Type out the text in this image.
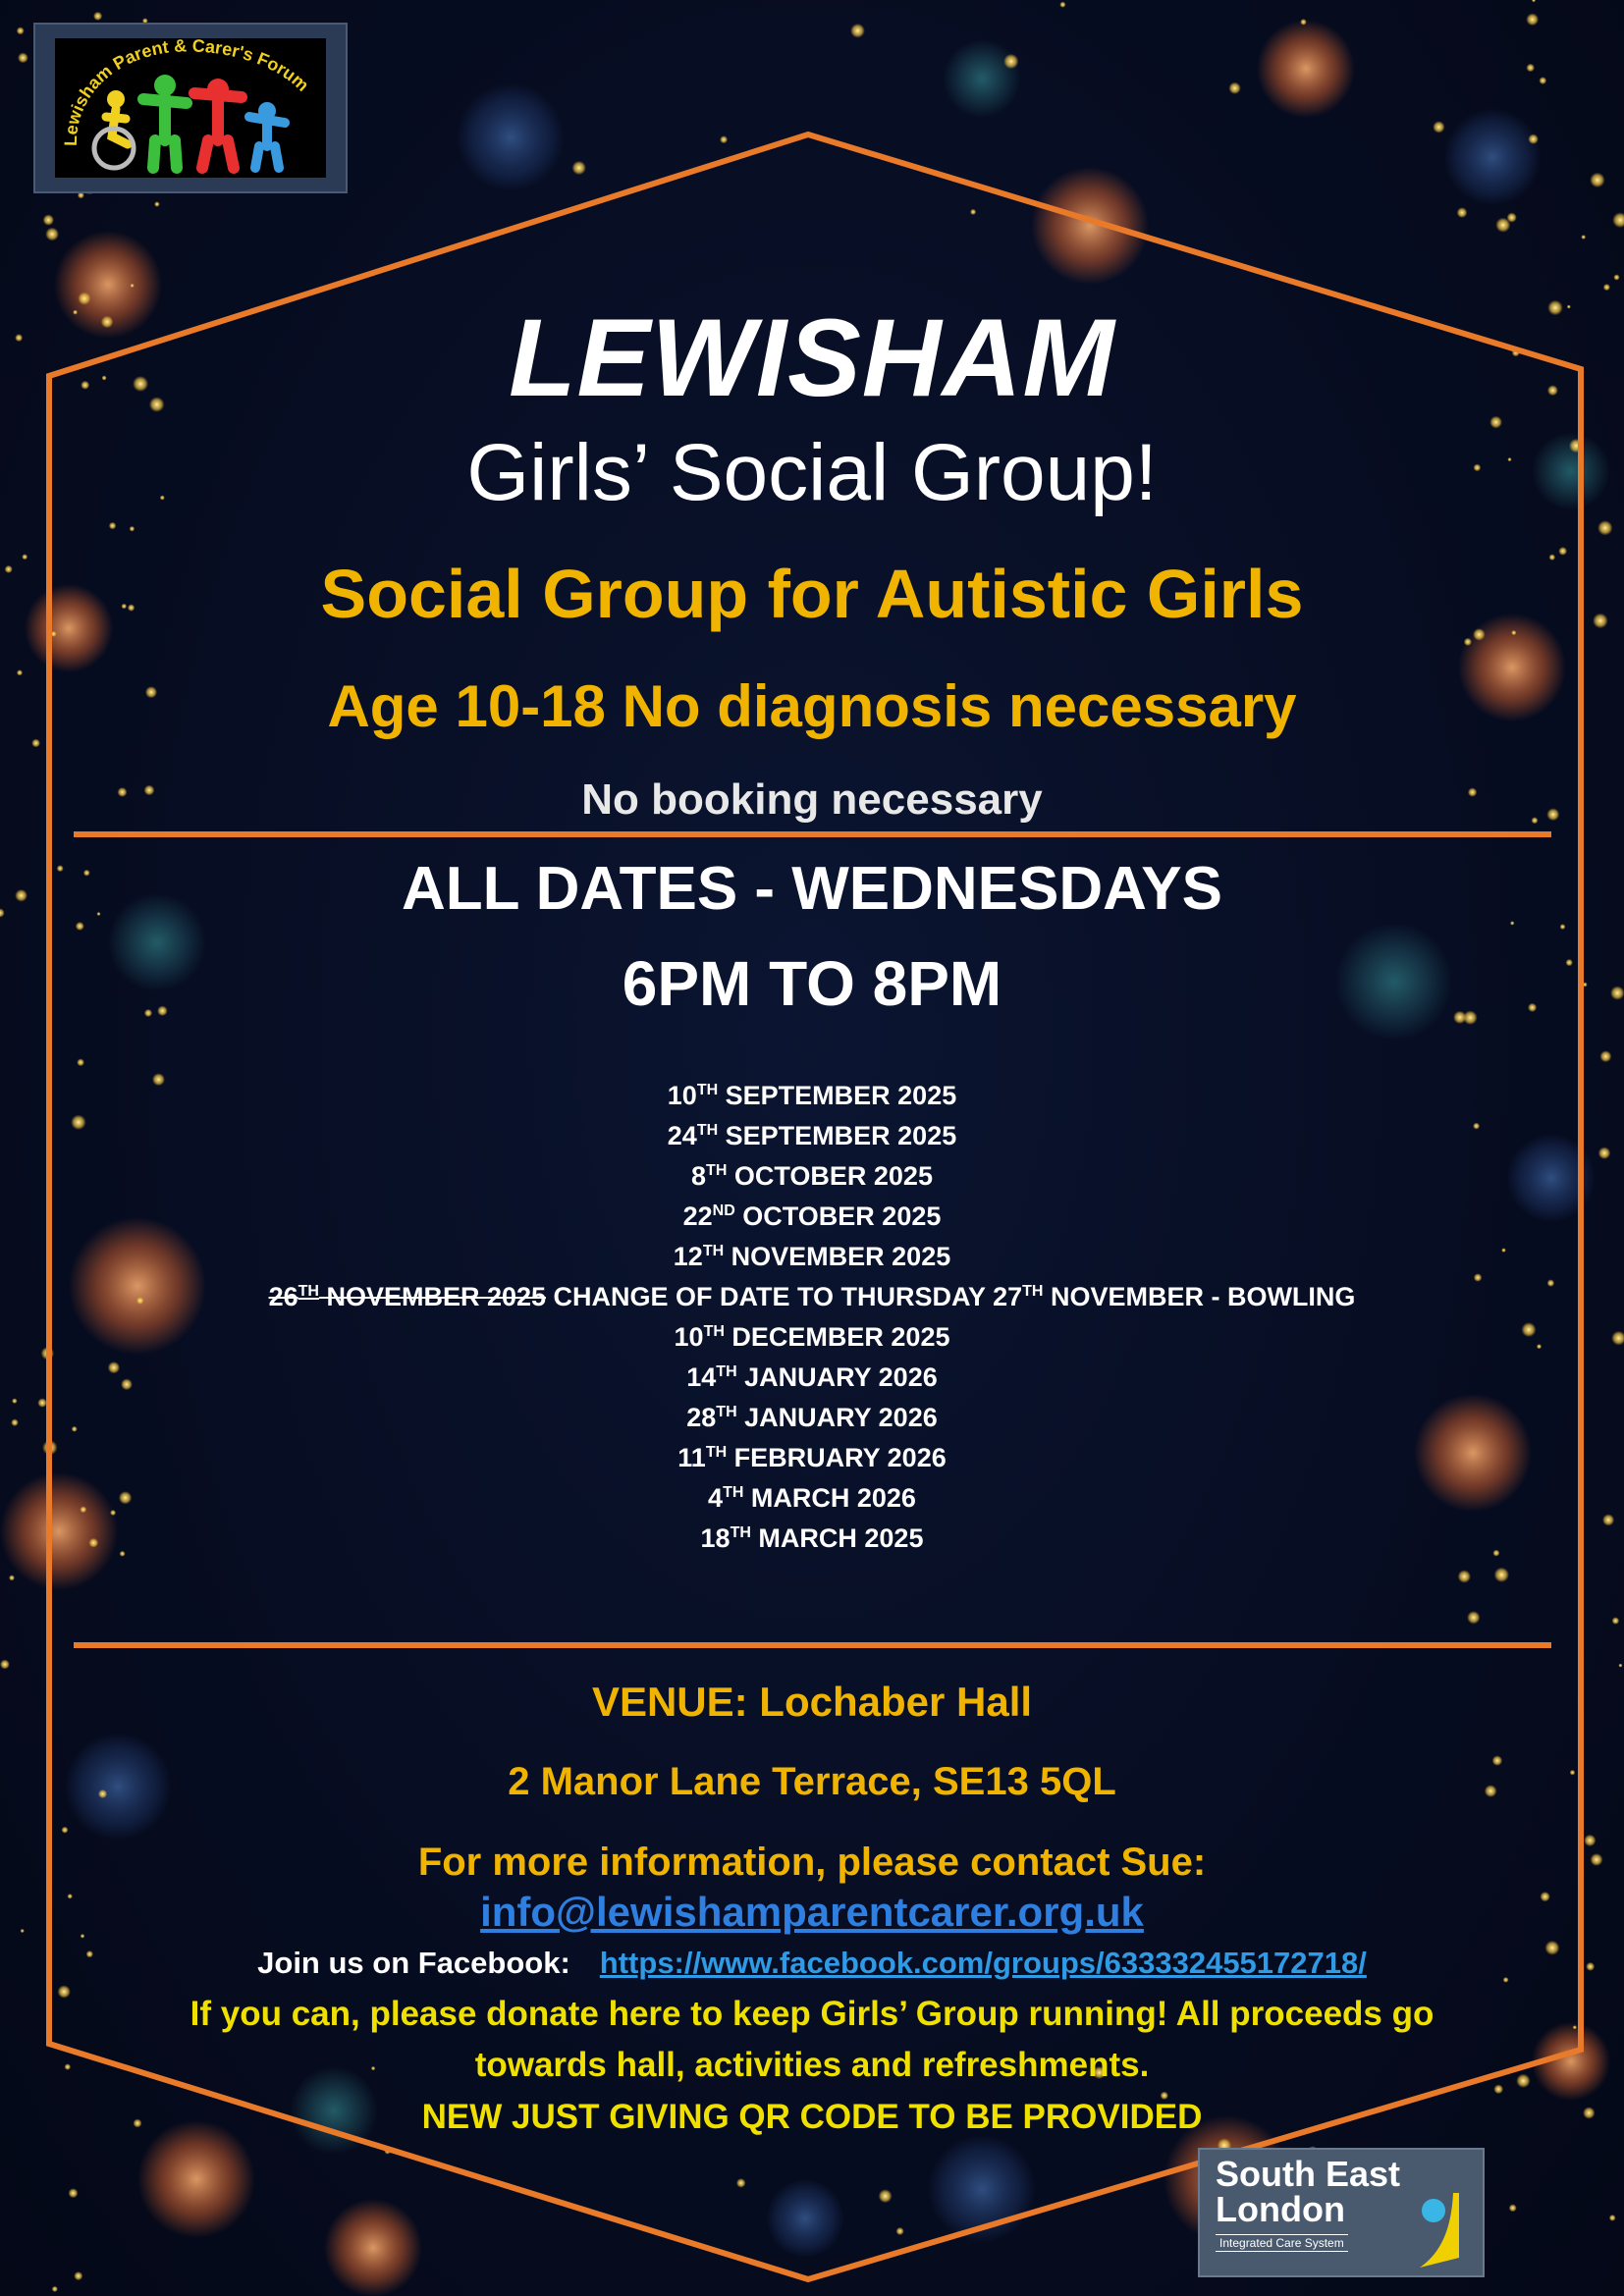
Lewisham Parent & Carer's Forum
LEWISHAM
Girls’ Social Group!
Social Group for Autistic Girls
Age 10-18 No diagnosis necessary
No booking necessary
ALL DATES - WEDNESDAYS
6PM TO 8PM
10TH SEPTEMBER 2025
24TH SEPTEMBER 2025
8TH OCTOBER 2025
22ND OCTOBER 2025
12TH NOVEMBER 2025
26TH NOVEMBER 2025 CHANGE OF DATE TO THURSDAY 27TH NOVEMBER - BOWLING
10TH DECEMBER 2025
14TH JANUARY 2026
28TH JANUARY 2026
11TH FEBRUARY 2026
4TH MARCH 2026
18TH MARCH 2025
VENUE: Lochaber Hall
2 Manor Lane Terrace, SE13 5QL
For more information, please contact Sue:
info@lewishamparentcarer.org.uk
Join us on Facebook: https://www.facebook.com/groups/633332455172718/
If you can, please donate here to keep Girls’ Group running! All proceeds go
towards hall, activities and refreshments.
NEW JUST GIVING QR CODE TO BE PROVIDED
South East
London
Integrated Care System
